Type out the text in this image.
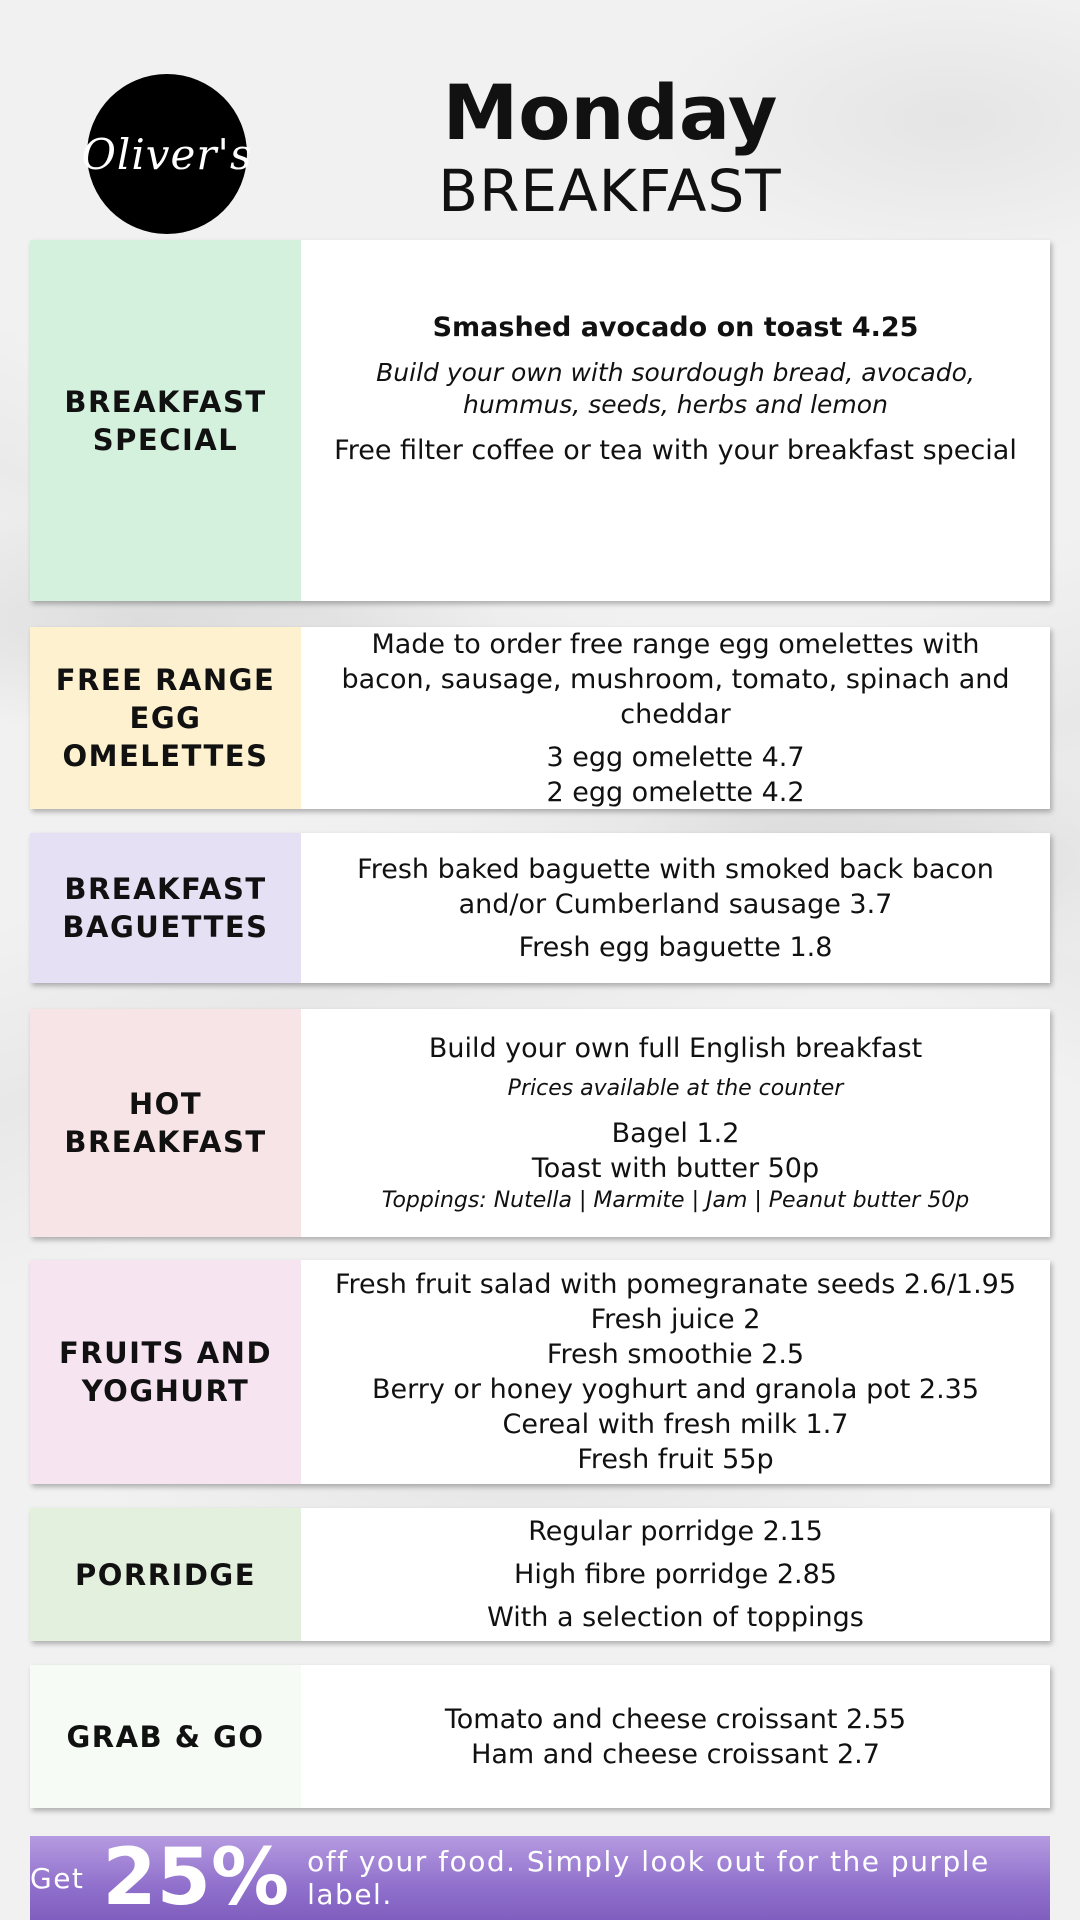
Oliver's	Monday
BREAKFAST
BREAKFAST SPECIAL
Smashed avocado on toast 4.25
Build your own with sourdough bread, avocado, hummus, seeds, herbs and lemon
Free filter coffee or tea with your breakfast special
FREE RANGE EGG OMELETTES
Made to order free range egg omelettes with bacon, sausage, mushroom, tomato, spinach and cheddar
3 egg omelette 4.7
2 egg omelette 4.2
BREAKFAST BAGUETTES
Fresh baked baguette with smoked back bacon and/or Cumberland sausage 3.7
Fresh egg baguette 1.8
HOT BREAKFAST
Build your own full English breakfast
Prices available at the counter
Bagel 1.2
Toast with butter 50p
Toppings: Nutella | Marmite | Jam | Peanut butter 50p
FRUITS AND YOGHURT
Fresh fruit salad with pomegranate seeds 2.6/1.95
Fresh juice 2
Fresh smoothie 2.5
Berry or honey yoghurt and granola pot 2.35
Cereal with fresh milk 1.7
Fresh fruit 55p
PORRIDGE
Regular porridge 2.15
High fibre porridge 2.85
With a selection of toppings
GRAB & GO
Tomato and cheese croissant 2.55
Ham and cheese croissant 2.7
Get 25% off your food. Simply look out for the purple label.
